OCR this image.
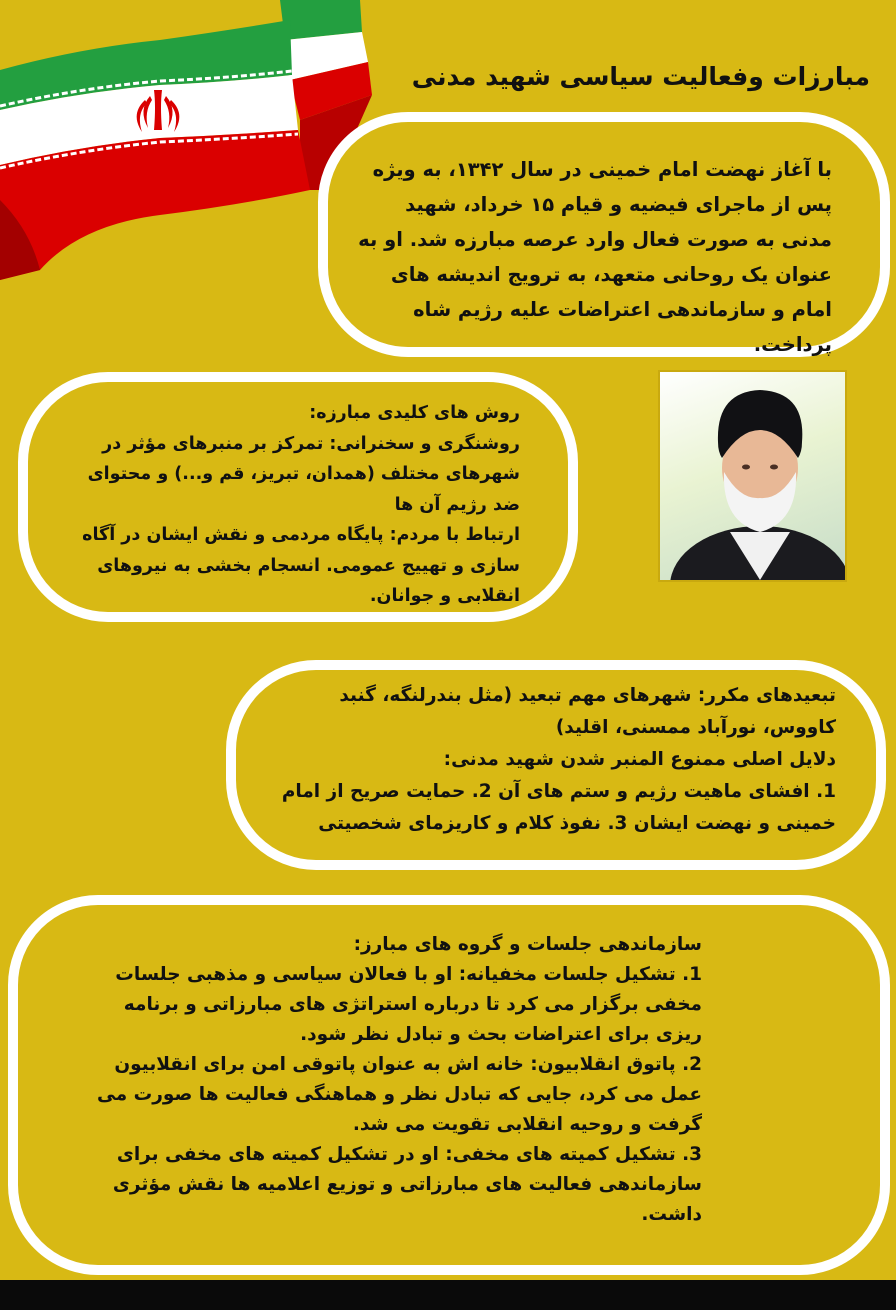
مبارزات وفعالیت سیاسی شهید مدنی

با آغاز نهضت امام خمینی در سال ۱۳۴۲، به ویژه پس از ماجرای فیضیه و قیام ۱۵ خرداد، شهید مدنی به صورت فعال وارد عرصه مبارزه شد. او به عنوان یک روحانی متعهد، به ترویج اندیشه های امام و سازماندهی اعتراضات علیه رژیم شاه پرداخت.

روش های کلیدی مبارزه:

روشنگری و سخنرانی: تمرکز بر منبرهای مؤثر در شهرهای مختلف (همدان، تبریز، قم و...) و محتوای ضد رژیم آن ها

ارتباط با مردم: پایگاه مردمی و نقش ایشان در آگاه سازی و تهییج عمومی. انسجام بخشی به نیروهای انقلابی و جوانان.

تبعیدهای مکرر: شهرهای مهم تبعید (مثل بندرلنگه، گنبد کاووس، نورآباد ممسنی، اقلید)

دلایل اصلی ممنوع المنبر شدن شهید مدنی:

1. افشای ماهیت رژیم و ستم های آن 2. حمایت صریح از امام خمینی و نهضت ایشان 3. نفوذ کلام و کاریزمای شخصیتی

سازماندهی جلسات و گروه های مبارز:

1. تشکیل جلسات مخفیانه: او با فعالان سیاسی و مذهبی جلسات مخفی برگزار می کرد تا درباره استراتژی های مبارزاتی و برنامه ریزی برای اعتراضات بحث و تبادل نظر شود.

2. پاتوق انقلابیون: خانه اش به عنوان پاتوقی امن برای انقلابیون عمل می کرد، جایی که تبادل نظر و هماهنگی فعالیت ها صورت می گرفت و روحیه انقلابی تقویت می شد.

3. تشکیل کمیته های مخفی: او در تشکیل کمیته های مخفی برای سازماندهی فعالیت های مبارزاتی و توزیع اعلامیه ها نقش مؤثری داشت.
